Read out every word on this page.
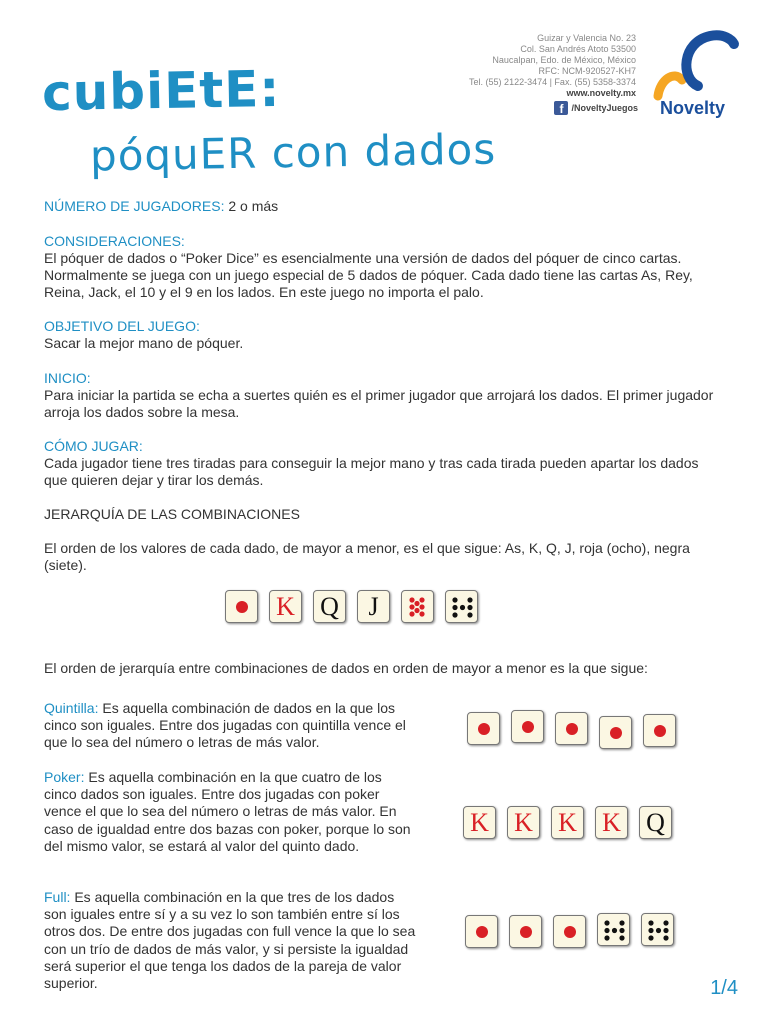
cubiEtE:
póquER con dados
Guizar y Valencia No. 23
Col. San Andrés Atoto 53500
Naucalpan, Edo. de México, México
RFC: NCM-920527-KH7
Tel. (55) 2122-3474 | Fax. (55) 5358-3374
www.novelty.mx
f /NoveltyJuegos Novelty
NÚMERO DE JUGADORES: 2 o más
CONSIDERACIONES:
El póquer de dados o “Poker Dice” es esencialmente una versión de dados del póquer de cinco cartas. Normalmente se juega con un juego especial de 5 dados de póquer. Cada dado tiene las cartas As, Rey, Reina, Jack, el 10 y el 9 en los lados. En este juego no importa el palo.
OBJETIVO DEL JUEGO:
Sacar la mejor mano de póquer.
INICIO:
Para iniciar la partida se echa a suertes quién es el primer jugador que arrojará los dados. El primer jugador arroja los dados sobre la mesa.
CÓMO JUGAR:
Cada jugador tiene tres tiradas para conseguir la mejor mano y tras cada tirada pueden apartar los dados que quieren dejar y tirar los demás.
JERARQUÍA DE LAS COMBINACIONES
El orden de los valores de cada dado, de mayor a menor, es el que sigue: As, K, Q, J, roja (ocho), negra (siete).
K Q J
El orden de jerarquía entre combinaciones de dados en orden de mayor a menor es la que sigue:
Quintilla: Es aquella combinación de dados en la que los cinco son iguales. Entre dos jugadas con quintilla vence el que lo sea del número o letras de más valor.
Poker: Es aquella combinación en la que cuatro de los cinco dados son iguales. Entre dos jugadas con poker vence el que lo sea del número o letras de más valor. En caso de igualdad entre dos bazas con poker, porque lo son del mismo valor, se estará al valor del quinto dado.
K K K K Q
Full: Es aquella combinación en la que tres de los dados son iguales entre sí y a su vez lo son también entre sí los otros dos. De entre dos jugadas con full vence la que lo sea con un trío de dados de más valor, y si persiste la igualdad será superior el que tenga los dados de la pareja de valor superior.	1/4
